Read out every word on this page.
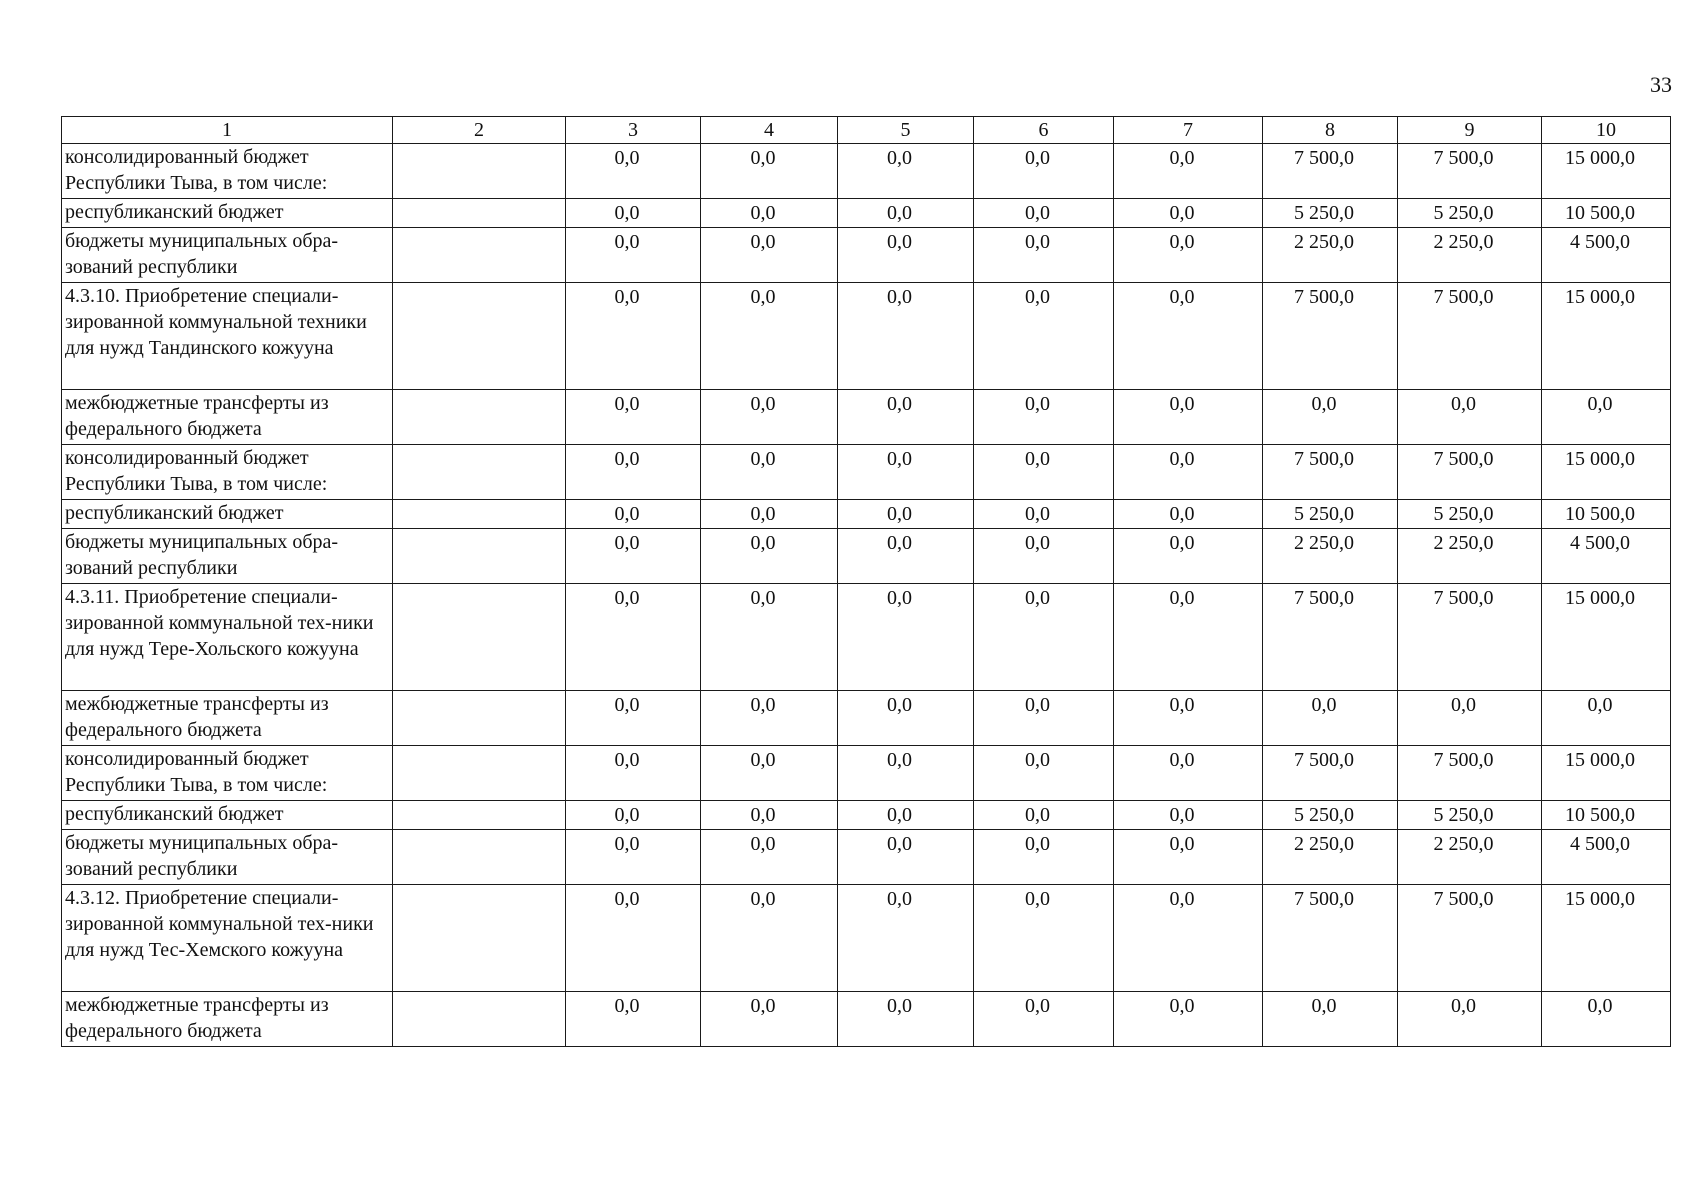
33
1	2	3	4	5	6	7	8	9	10
консолидированный бюджет Республики Тыва, в том числе:		0,0	0,0	0,0	0,0	0,0	7 500,0	7 500,0	15 000,0
республиканский бюджет		0,0	0,0	0,0	0,0	0,0	5 250,0	5 250,0	10 500,0
бюджеты муниципальных обра-зований республики		0,0	0,0	0,0	0,0	0,0	2 250,0	2 250,0	4 500,0
4.3.10. Приобретение специали-зированной коммунальной техники для нужд Тандинского кожууна		0,0	0,0	0,0	0,0	0,0	7 500,0	7 500,0	15 000,0
межбюджетные трансферты из федерального бюджета		0,0	0,0	0,0	0,0	0,0	0,0	0,0	0,0
консолидированный бюджет Республики Тыва, в том числе:		0,0	0,0	0,0	0,0	0,0	7 500,0	7 500,0	15 000,0
республиканский бюджет		0,0	0,0	0,0	0,0	0,0	5 250,0	5 250,0	10 500,0
бюджеты муниципальных обра-зований республики		0,0	0,0	0,0	0,0	0,0	2 250,0	2 250,0	4 500,0
4.3.11. Приобретение специали-зированной коммунальной тех-ники для нужд Тере-Хольского кожууна		0,0	0,0	0,0	0,0	0,0	7 500,0	7 500,0	15 000,0
межбюджетные трансферты из федерального бюджета		0,0	0,0	0,0	0,0	0,0	0,0	0,0	0,0
консолидированный бюджет Республики Тыва, в том числе:		0,0	0,0	0,0	0,0	0,0	7 500,0	7 500,0	15 000,0
республиканский бюджет		0,0	0,0	0,0	0,0	0,0	5 250,0	5 250,0	10 500,0
бюджеты муниципальных обра-зований республики		0,0	0,0	0,0	0,0	0,0	2 250,0	2 250,0	4 500,0
4.3.12. Приобретение специали-зированной коммунальной тех-ники для нужд Тес-Хемского кожууна		0,0	0,0	0,0	0,0	0,0	7 500,0	7 500,0	15 000,0
межбюджетные трансферты из федерального бюджета		0,0	0,0	0,0	0,0	0,0	0,0	0,0	0,0
